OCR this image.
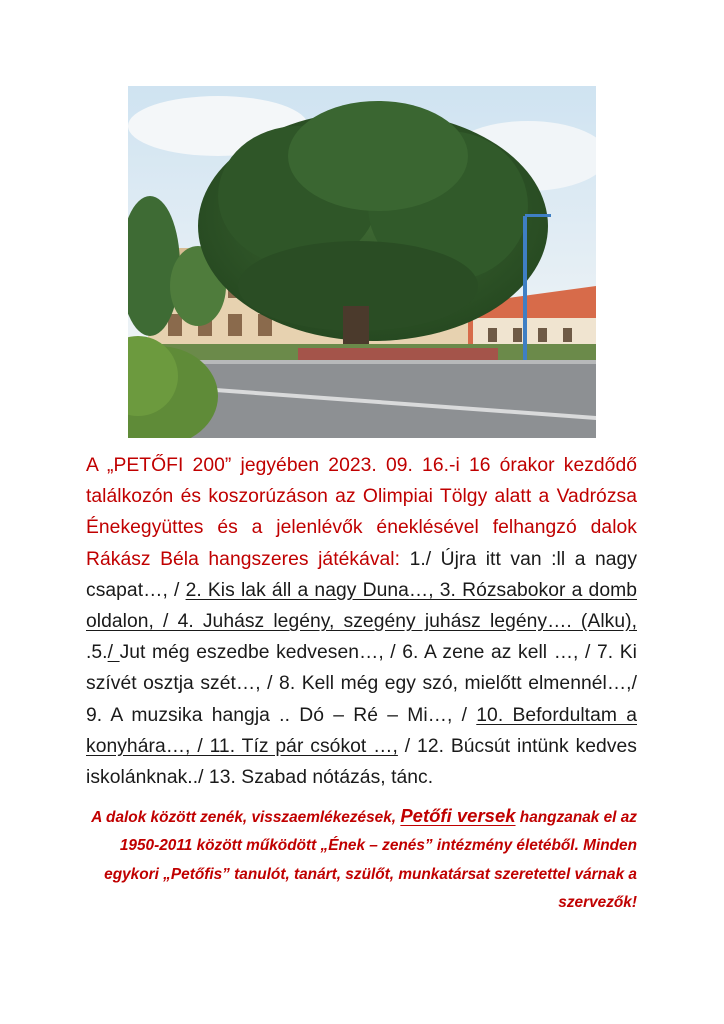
A „PETŐFI 200” jegyében 2023. 09. 16.-i 16 órakor kezdődő találkozón és koszorúzáson az Olimpiai Tölgy alatt a Vadrózsa Énekegyüttes és a jelenlévők éneklésével felhangzó dalok Rákász Béla hangszeres játékával: 1./ Újra itt van :ll a nagy csapat…, / 2. Kis lak áll a nagy Duna…, 3. Rózsabokor a domb oldalon, / 4. Juhász legény, szegény juhász legény…. (Alku), .5./ Jut még eszedbe kedvesen…, / 6. A zene az kell …, / 7. Ki szívét osztja szét…, / 8. Kell még egy szó, mielőtt elmennél…,/ 9. A muzsika hangja .. Dó – Ré – Mi…, / 10. Befordultam a konyhára…, / 11. Tíz pár csókot …, / 12. Búcsút intünk kedves iskolánknak../ 13. Szabad nótázás, tánc.
A dalok között zenék, visszaemlékezések, Petőfi versek hangzanak el az 1950-2011 között működött „Ének – zenés” intézmény életéből. Minden egykori „Petőfis” tanulót, tanárt, szülőt, munkatársat szeretettel várnak a szervezők!
